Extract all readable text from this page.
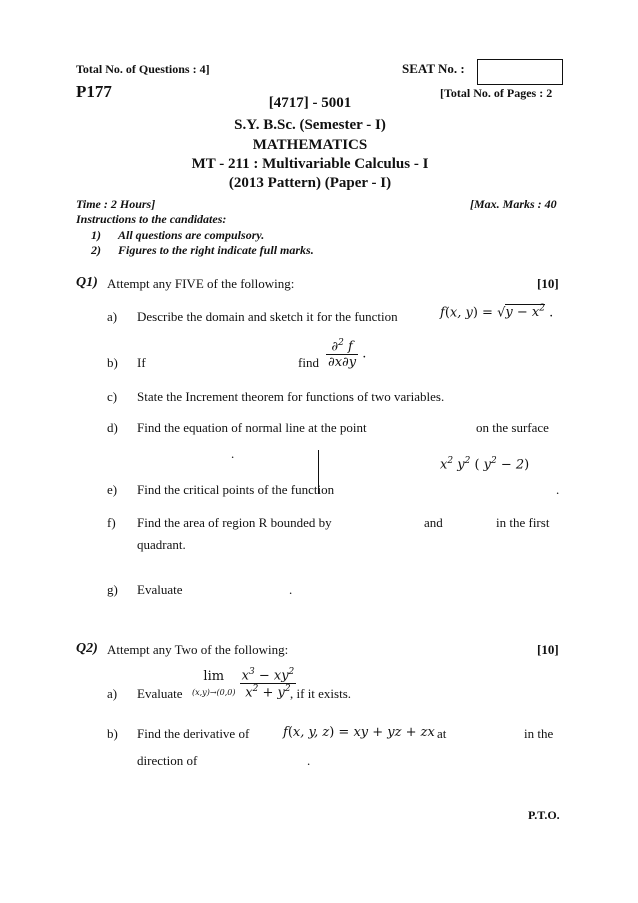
Total No. of Questions : 4]	SEAT No. :
P177	[Total No. of Pages : 2
[4717] - 5001
S.Y. B.Sc. (Semester - I)
MATHEMATICS
MT - 211 : Multivariable Calculus - I
(2013 Pattern) (Paper - I)
Time : 2 Hours]	[Max. Marks : 40
Instructions to the candidates:
1) All questions are compulsory.
2) Figures to the right indicate full marks.
Q1) Attempt any FIVE of the following:	[10]
a) Describe the domain and sketch it for the function	f(x, $y) = √y - x^2$ .
b) If	find $\frac{\partial^2 f}{\partial x\partial y}$ .
c) State the Increment theorem for functions of two variables.
d) Find the equation of normal line at the point	on the surface
.
$x^2$ $y^2$ ( $y^2 - 2$)
e) Find the critical points of the function	.
f) Find the area of region R bounded by	and	in the first
quadrant.
g) Evaluate	.
Q2) Attempt any Two of the following:	[10]
a) Evaluate
lim
$(x,y)\to(0,0) \frac{x^3 - xy^2}{x^2 + y^2}$
, if it exists.
b) Find the derivative of	f(x, y, z) = xy + yz + zx at	in the
direction of	.
P.T.O.
